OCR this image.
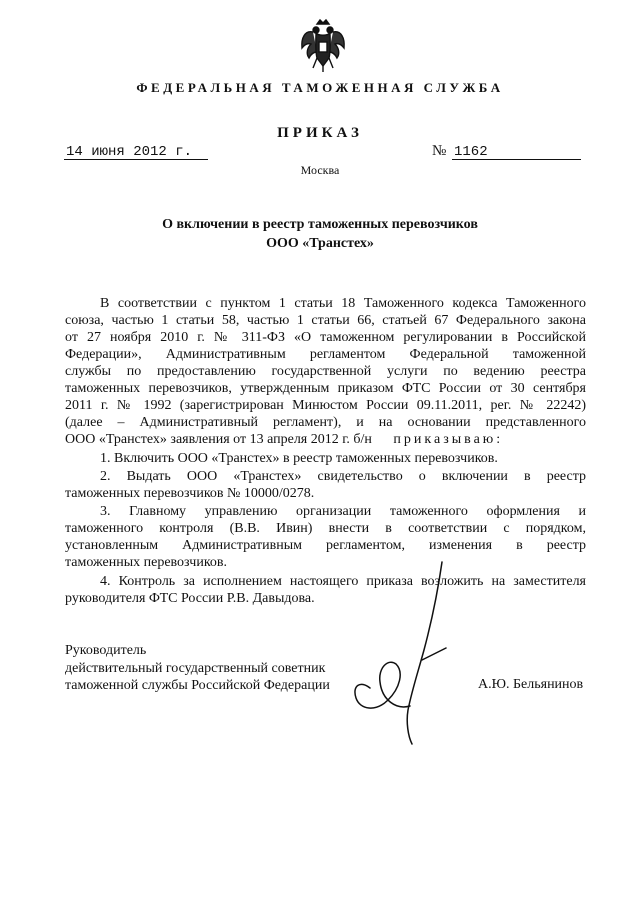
ФЕДЕРАЛЬНАЯ ТАМОЖЕННАЯ СЛУЖБА
ПРИКАЗ
14 июня 2012 г.	№ 1162
Москва
О включении в реестр таможенных перевозчиков
ООО «Транстех»
В соответствии с пунктом 1 статьи 18 Таможенного кодекса Таможенного
союза, частью 1 статьи 58, частью 1 статьи 66, статьей 67 Федерального закона
от 27 ноября 2010 г. № 311-ФЗ «О таможенном регулировании в Российской
Федерации», Административным регламентом Федеральной таможенной
службы по предоставлению государственной услуги по ведению реестра
таможенных перевозчиков, утвержденным приказом ФТС России от 30 сентября
2011 г. № 1992 (зарегистрирован Минюстом России 09.11.2011, рег. № 22242)
(далее – Административный регламент), и на основании представленного
ООО «Транстех» заявления от 13 апреля 2012 г. б/н приказываю:
1. Включить ООО «Транстех» в реестр таможенных перевозчиков.
2. Выдать ООО «Транстех» свидетельство о включении в реестр
таможенных перевозчиков № 10000/0278.
3. Главному управлению организации таможенного оформления и
таможенного контроля (В.В. Ивин) внести в соответствии с порядком,
установленным Административным регламентом, изменения в реестр
таможенных перевозчиков.
4. Контроль за исполнением настоящего приказа возложить на заместителя
руководителя ФТС России Р.В. Давыдова.
Руководитель
действительный государственный советник
таможенной службы Российской Федерации	А.Ю. Бельянинов
